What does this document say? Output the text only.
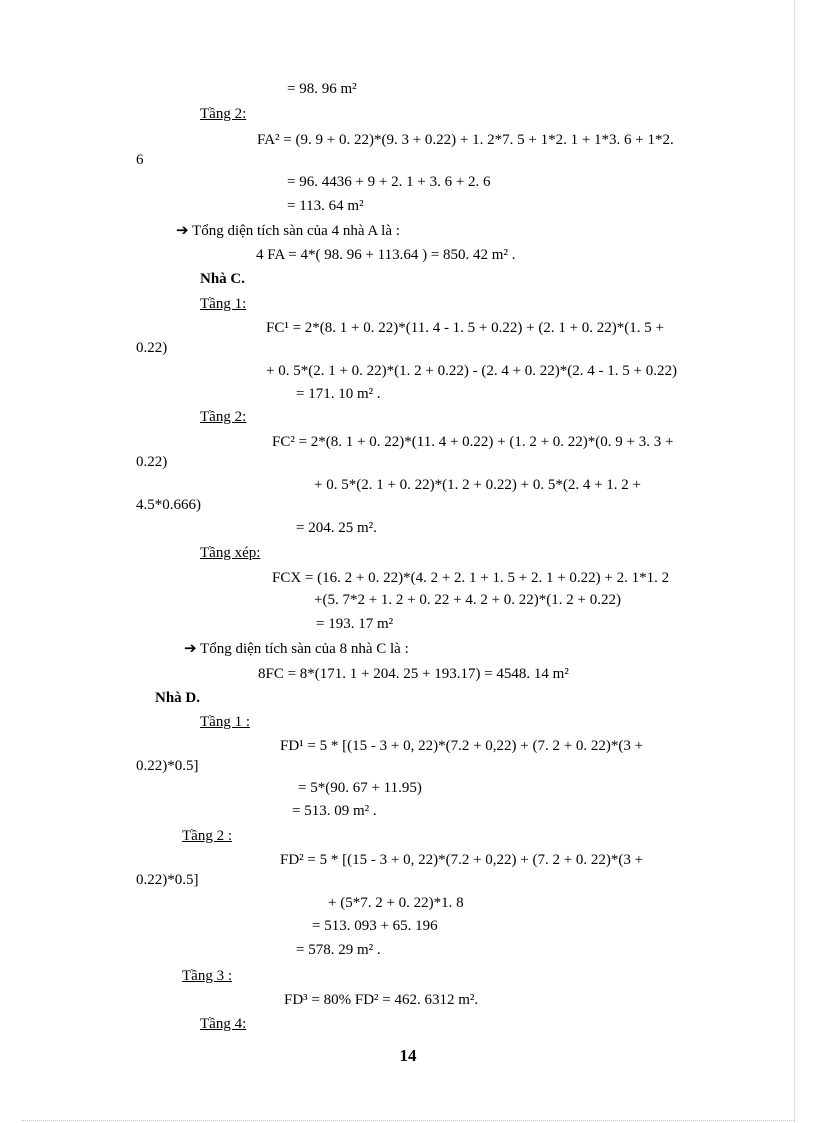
= 98. 96 m²
Tầng 2:
FA² = (9. 9 + 0. 22)*(9. 3 + 0.22) + 1. 2*7. 5 + 1*2. 1 + 1*3. 6 + 1*2.
6
= 96. 4436 + 9 + 2. 1 + 3. 6 + 2. 6
= 113. 64 m²
➔ Tổng diện tích sàn của 4 nhà A là :
4 FA = 4*( 98. 96 + 113.64 ) = 850. 42 m² .
Nhà C.
Tầng 1:
FC¹ = 2*(8. 1 + 0. 22)*(11. 4 - 1. 5 + 0.22) + (2. 1 + 0. 22)*(1. 5 +
0.22)
+ 0. 5*(2. 1 + 0. 22)*(1. 2 + 0.22) - (2. 4 + 0. 22)*(2. 4 - 1. 5 + 0.22)
= 171. 10 m² .
Tầng 2:
FC² = 2*(8. 1 + 0. 22)*(11. 4 + 0.22) + (1. 2 + 0. 22)*(0. 9 + 3. 3 +
0.22)
+ 0. 5*(2. 1 + 0. 22)*(1. 2 + 0.22) + 0. 5*(2. 4 + 1. 2 +
4.5*0.666)
= 204. 25 m².
Tầng xép:
FCX = (16. 2 + 0. 22)*(4. 2 + 2. 1 + 1. 5 + 2. 1 + 0.22) + 2. 1*1. 2
+(5. 7*2 + 1. 2 + 0. 22 + 4. 2 + 0. 22)*(1. 2 + 0.22)
= 193. 17 m²
➔ Tổng diện tích sàn của 8 nhà C là :
8FC = 8*(171. 1 + 204. 25 + 193.17) = 4548. 14 m²
Nhà D.
Tầng 1 :
FD¹ = 5 * [(15 - 3 + 0, 22)*(7.2 + 0,22) + (7. 2 + 0. 22)*(3 +
0.22)*0.5]
= 5*(90. 67 + 11.95)
= 513. 09 m² .
Tầng 2 :
FD² = 5 * [(15 - 3 + 0, 22)*(7.2 + 0,22) + (7. 2 + 0. 22)*(3 +
0.22)*0.5]
+ (5*7. 2 + 0. 22)*1. 8
= 513. 093 + 65. 196
= 578. 29 m² .
Tầng 3 :
FD³ = 80% FD² = 462. 6312 m².
Tầng 4:
14
